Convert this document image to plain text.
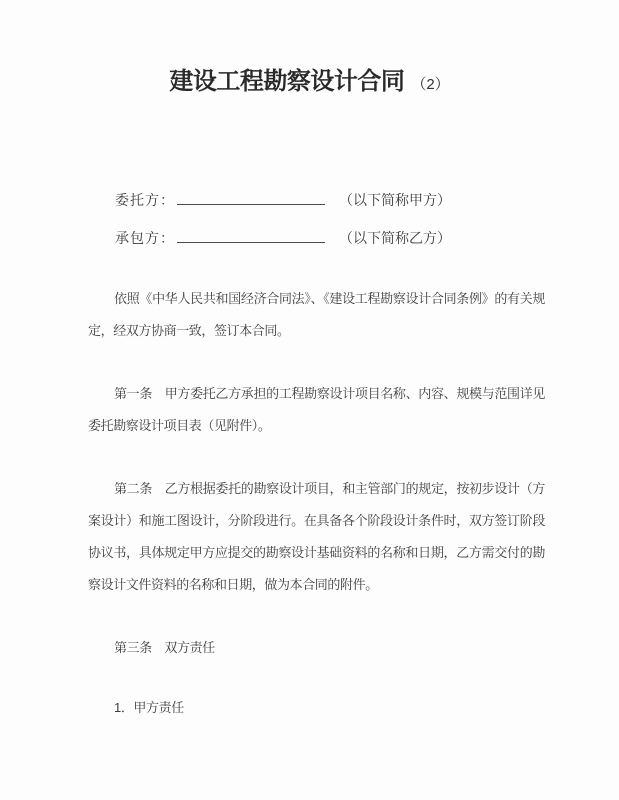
建设工程勘察设计合同 （2）
委托方：	（以下简称甲方）
承包方：	（以下简称乙方）

依照《中华人民共和国经济合同法》、《建设工程勘察设计合同条例》的有关规定，经双方协商一致，签订本合同。

第一条　甲方委托乙方承担的工程勘察设计项目名称、内容、规模与范围详见委托勘察设计项目表（见附件）。

第二条　乙方根据委托的勘察设计项目，和主管部门的规定，按初步设计（方案设计）和施工图设计，分阶段进行。在具备各个阶段设计条件时，双方签订阶段协议书，具体规定甲方应提交的勘察设计基础资料的名称和日期，乙方需交付的勘察设计文件资料的名称和日期，做为本合同的附件。

第三条　双方责任

1．甲方责任
